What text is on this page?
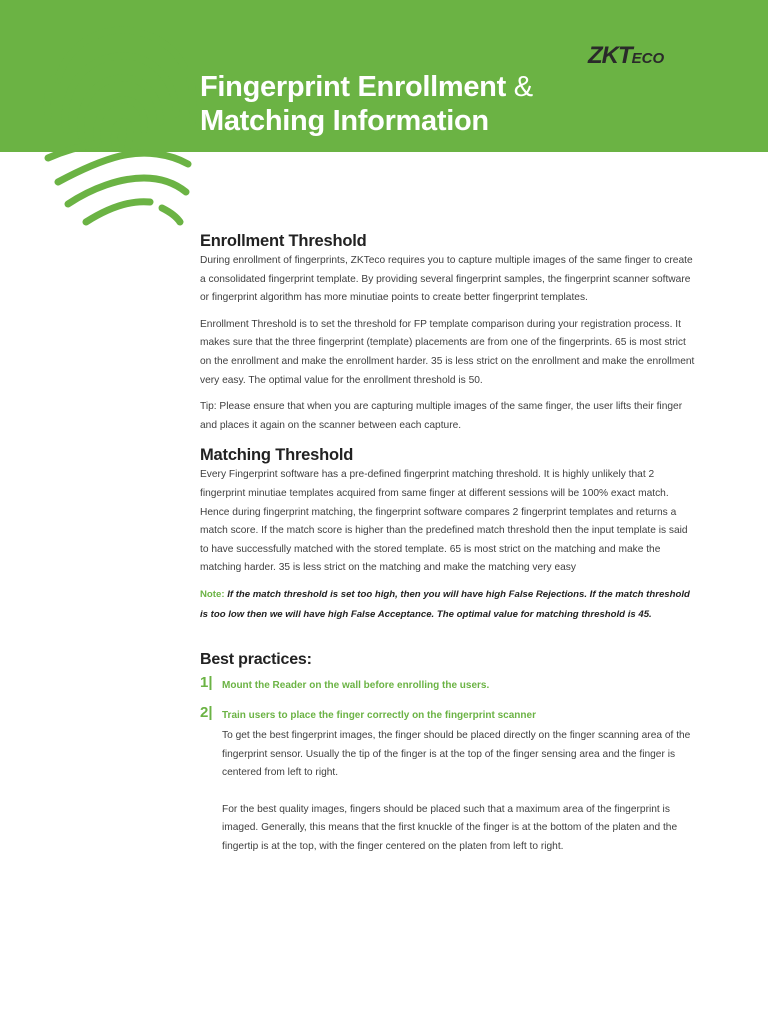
Fingerprint Enrollment &
Matching Information
ZKTECO
Enrollment Threshold

During enrollment of fingerprints, ZKTeco requires you to capture multiple images of the same finger to create a consolidated fingerprint template. By providing several fingerprint samples, the fingerprint scanner software or fingerprint algorithm has more minutiae points to create better fingerprint templates.

Enrollment Threshold is to set the threshold for FP template comparison during your registration process. It makes sure that the three fingerprint (template) placements are from one of the fingerprints. 65 is most strict on the enrollment and make the enrollment harder. 35 is less strict on the enrollment and make the enrollment very easy. The optimal value for the enrollment threshold is 50.

Tip: Please ensure that when you are capturing multiple images of the same finger, the user lifts their finger and places it again on the scanner between each capture.

Matching Threshold

Every Fingerprint software has a pre-defined fingerprint matching threshold. It is highly unlikely that 2 fingerprint minutiae templates acquired from same finger at different sessions will be 100% exact match. Hence during fingerprint matching, the fingerprint software compares 2 fingerprint templates and returns a match score. If the match score is higher than the predefined match threshold then the input template is said to have successfully matched with the stored template. 65 is most strict on the matching and make the matching harder. 35 is less strict on the matching and make the matching very easy

Note: If the match threshold is set too high, then you will have high False Rejections. If the match threshold is too low then we will have high False Acceptance. The optimal value for matching threshold is 45.

Best practices:
1| Mount the Reader on the wall before enrolling the users.
2| Train users to place the finger correctly on the fingerprint scanner

To get the best fingerprint images, the finger should be placed directly on the finger scanning area of the fingerprint sensor. Usually the tip of the finger is at the top of the finger sensing area and the finger is centered from left to right.

For the best quality images, fingers should be placed such that a maximum area of the fingerprint is imaged. Generally, this means that the first knuckle of the finger is at the bottom of the platen and the fingertip is at the top, with the finger centered on the platen from left to right.
